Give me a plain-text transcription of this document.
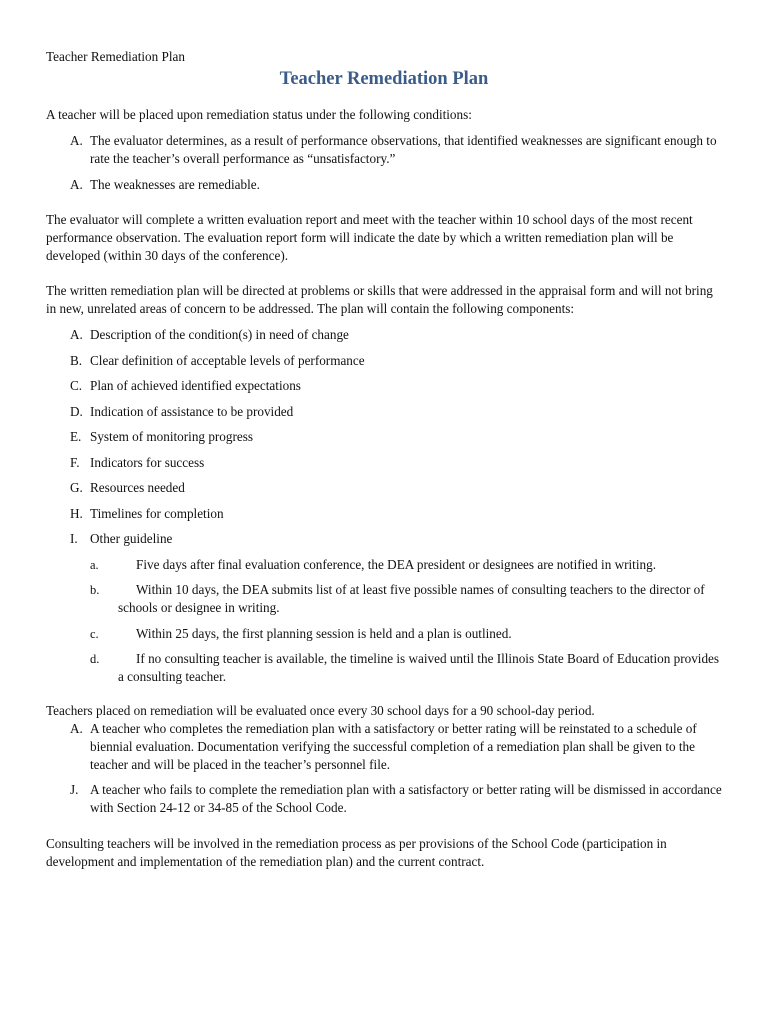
Teacher Remediation Plan

Teacher Remediation Plan

A teacher will be placed upon remediation status under the following conditions:

A. The evaluator determines, as a result of performance observations, that identified weaknesses are significant enough to rate the teacher’s overall performance as “unsatisfactory.”
A. The weaknesses are remediable.

The evaluator will complete a written evaluation report and meet with the teacher within 10 school days of the most recent performance observation. The evaluation report form will indicate the date by which a written remediation plan will be developed (within 30 days of the conference).

The written remediation plan will be directed at problems or skills that were addressed in the appraisal form and will not bring in new, unrelated areas of concern to be addressed. The plan will contain the following components:

A. Description of the condition(s) in need of change
B. Clear definition of acceptable levels of performance
C. Plan of achieved identified expectations
D. Indication of assistance to be provided
E. System of monitoring progress
F. Indicators for success
G. Resources needed
H. Timelines for completion
I. Other guideline
a.	Five days after final evaluation conference, the DEA president or designees are notified in writing.
b.	Within 10 days, the DEA submits list of at least five possible names of consulting teachers to the director of schools or designee in writing.
c.	Within 25 days, the first planning session is held and a plan is outlined.
d.	If no consulting teacher is available, the timeline is waived until the Illinois State Board of Education provides a consulting teacher.

Teachers placed on remediation will be evaluated once every 30 school days for a 90 school-day period.

A. A teacher who completes the remediation plan with a satisfactory or better rating will be reinstated to a schedule of biennial evaluation. Documentation verifying the successful completion of a remediation plan shall be given to the teacher and will be placed in the teacher’s personnel file.
J. A teacher who fails to complete the remediation plan with a satisfactory or better rating will be dismissed in accordance with Section 24-12 or 34-85 of the School Code.

Consulting teachers will be involved in the remediation process as per provisions of the School Code (participation in development and implementation of the remediation plan) and the current contract.
